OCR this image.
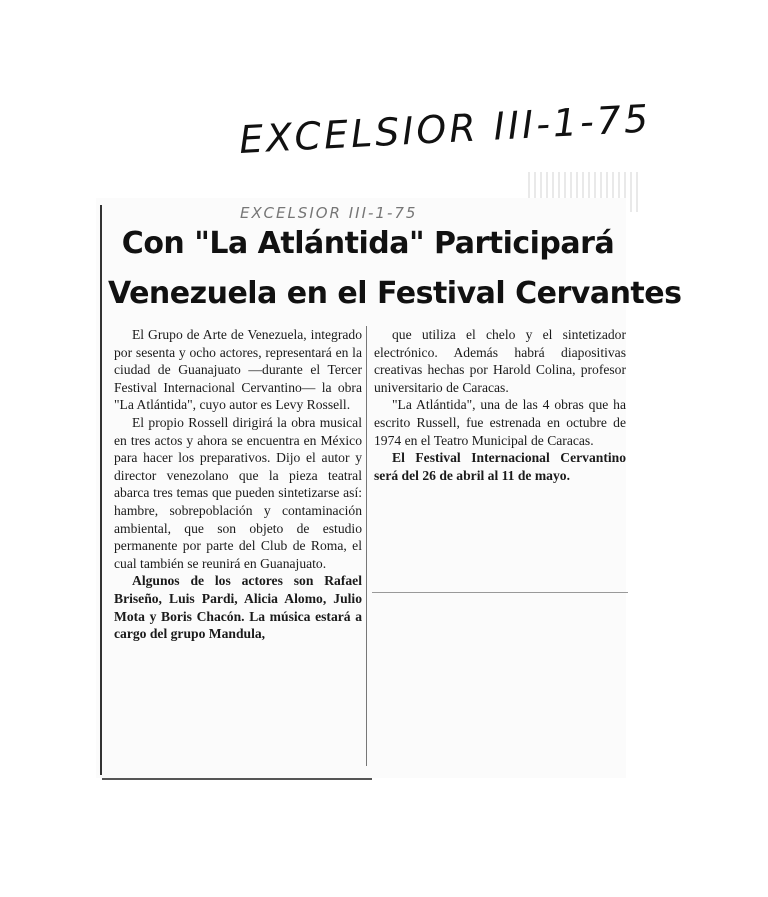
EXCELSIOR III-1-75
EXCELSIOR III-1-75
Con "La Atlántida" Participará
Venezuela en el Festival Cervantes

El Grupo de Arte de Venezuela, integrado por sesenta y ocho actores, representará en la ciudad de Guanajuato —durante el Tercer Festival Internacional Cervantino— la obra "La Atlántida", cuyo autor es Levy Rossell.

El propio Rossell dirigirá la obra musical en tres actos y ahora se encuentra en México para hacer los preparativos. Dijo el autor y director venezolano que la pieza teatral abarca tres temas que pueden sintetizarse así: hambre, sobrepoblación y contaminación ambiental, que son objeto de estudio permanente por parte del Club de Roma, el cual también se reunirá en Guanajuato.

Algunos de los actores son Rafael Briseño, Luis Pardi, Alicia Alomo, Julio Mota y Boris Chacón. La música estará a cargo del grupo Mandula,

que utiliza el chelo y el sintetizador electrónico. Además habrá diapositivas creativas hechas por Harold Colina, profesor universitario de Caracas.

"La Atlántida", una de las 4 obras que ha escrito Russell, fue estrenada en octubre de 1974 en el Teatro Municipal de Caracas.

El Festival Internacional Cervantino será del 26 de abril al 11 de mayo.
